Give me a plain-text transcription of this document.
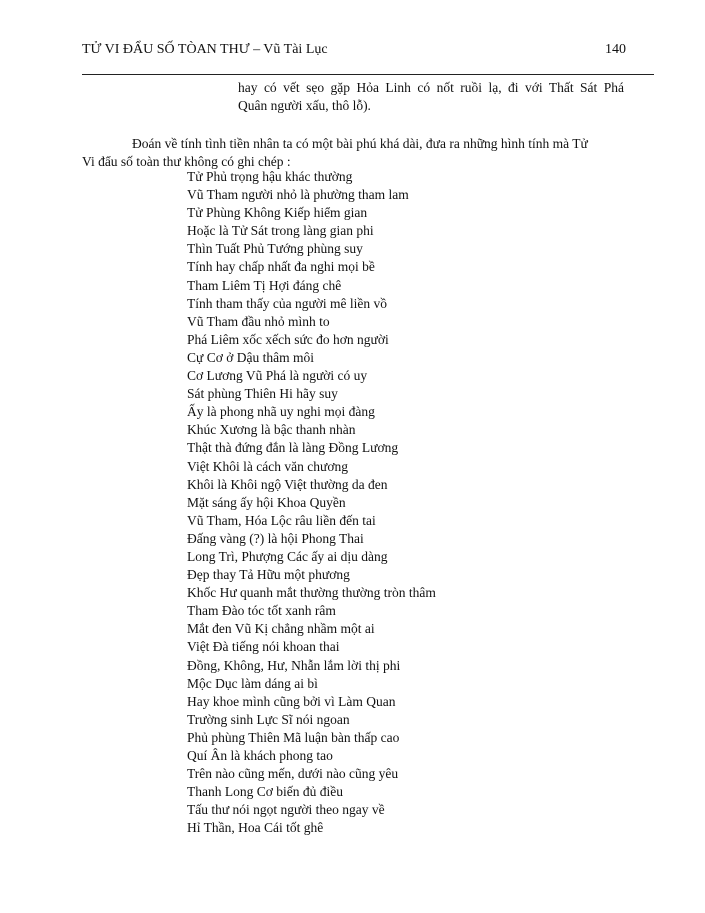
TỬ VI ĐẨU SỐ TÒAN THƯ – Vũ Tài Lục	140
hay có vết sẹo gặp Hỏa Linh có nốt ruồi lạ, đi với Thất Sát Phá
Quân người xấu, thô lỗ).
Đoán về tính tình tiền nhân ta có một bài phú khá dài, đưa ra những hình tính mà Tử
Vi đẩu số toàn thư không có ghi chép :
Tử Phủ trọng hậu khác thường
Vũ Tham người nhỏ là phường tham lam
Tử Phùng Không Kiếp hiểm gian
Hoặc là Tử Sát trong làng gian phi
Thìn Tuất Phủ Tướng phùng suy
Tính hay chấp nhất đa nghi mọi bề
Tham Liêm Tị Hợi đáng chê
Tính tham thấy của người mê liền vồ
Vũ Tham đầu nhỏ mình to
Phá Liêm xốc xếch sức đo hơn người
Cự Cơ ở Dậu thâm môi
Cơ Lương Vũ Phá là người có uy
Sát phùng Thiên Hi hãy suy
Ấy là phong nhã uy nghi mọi đàng
Khúc Xương là bậc thanh nhàn
Thật thà đứng đắn là làng Đồng Lương
Việt Khôi là cách văn chương
Khôi là Khôi ngộ Việt thường da đen
Mặt sáng ấy hội Khoa Quyền
Vũ Tham, Hóa Lộc râu liền đến tai
Đấng vàng (?) là hội Phong Thai
Long Trì, Phượng Các ấy ai dịu dàng
Đẹp thay Tả Hữu một phương
Khốc Hư quanh mắt thường thường tròn thâm
Tham Đào tóc tốt xanh râm
Mắt đen Vũ Kị chẳng nhầm một ai
Việt Đà tiếng nói khoan thai
Đồng, Không, Hư, Nhẫn lắm lời thị phi
Mộc Dục làm dáng ai bì
Hay khoe mình cũng bởi vì Làm Quan
Trường sinh Lực Sĩ nói ngoan
Phủ phùng Thiên Mã luận bàn thấp cao
Quí Ân là khách phong tao
Trên nào cũng mến, dưới nào cũng yêu
Thanh Long Cơ biến đủ điều
Tấu thư nói ngọt người theo ngay về
Hỉ Thần, Hoa Cái tốt ghê
